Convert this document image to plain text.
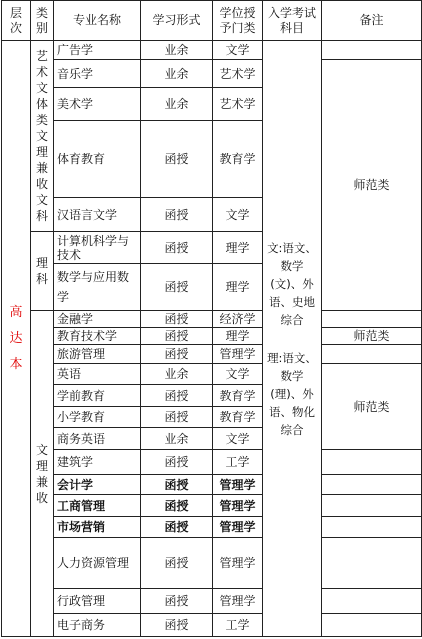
层次	类别	专业名称	学习形式	学位授予门类	入学考试科目	备注
高达本	艺术文体类文理兼收文科	广告学	业余	文学	文:语文、数学(文)、外语、史地综合
理:语文、数学(理)、外语、物化综合	

		音乐学	业余	艺术学		师范类
		美术学	业余	艺术学		
		体育教育	函授	教育学		
		汉语言文学	函授	文学		
	理科	计算机科学与技术	函授	理学		
		数学与应用数学	函授	理学		
	文理兼收	金融学	函授	经济学		
		教育技术学	函授	理学		师范类
		旅游管理	函授	管理学		
		英语	业余	文学		师范类
		学前教育	函授	教育学		
		小学教育	函授	教育学		
		商务英语	业余	文学		
		建筑学	函授	工学		
		会计学	函授	管理学		
		工商管理	函授	管理学		
		市场营销	函授	管理学		
		人力资源管理	函授	管理学		
		行政管理	函授	管理学		
		电子商务	函授	工学		
